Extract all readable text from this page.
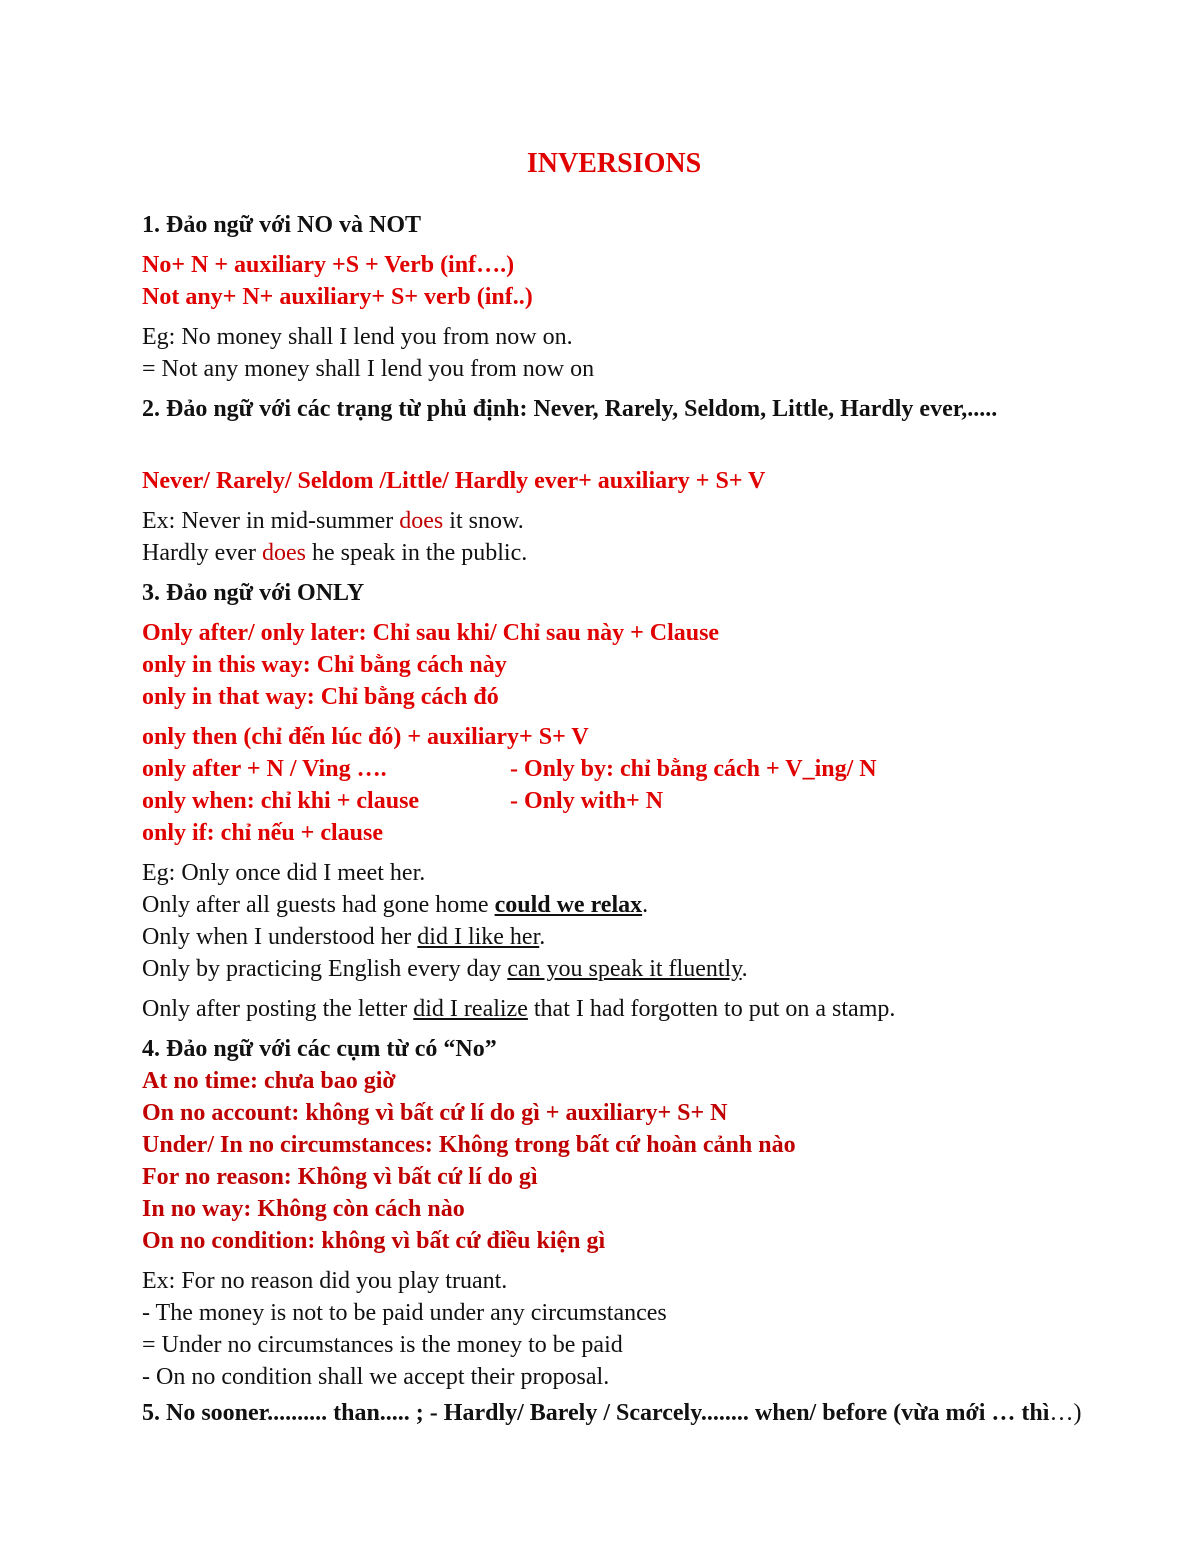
INVERSIONS
1. Đảo ngữ với NO và NOT
No+ N + auxiliary +S + Verb (inf….)
Not any+ N+ auxiliary+ S+ verb (inf..)
Eg: No money shall I lend you from now on.
= Not any money shall I lend you from now on
2. Đảo ngữ với các trạng từ phủ định: Never, Rarely, Seldom, Little, Hardly ever,.....
Never/ Rarely/ Seldom /Little/ Hardly ever+ auxiliary + S+ V
Ex: Never in mid-summer does it snow.
Hardly ever does he speak in the public.
3. Đảo ngữ với ONLY
Only after/ only later: Chỉ sau khi/ Chỉ sau này + Clause
only in this way: Chỉ bằng cách này
only in that way: Chỉ bằng cách đó
only then (chỉ đến lúc đó) + auxiliary+ S+ V
only after + N / Ving ….	- Only by: chỉ bằng cách + V_ing/ N
only when: chỉ khi + clause	- Only with+ N
only if: chỉ nếu + clause
Eg: Only once did I meet her.
Only after all guests had gone home could we relax.
Only when I understood her did I like her.
Only by practicing English every day can you speak it fluently.
Only after posting the letter did I realize that I had forgotten to put on a stamp.
4. Đảo ngữ với các cụm từ có “No”
At no time: chưa bao giờ
On no account: không vì bất cứ lí do gì + auxiliary+ S+ N
Under/ In no circumstances: Không trong bất cứ hoàn cảnh nào
For no reason: Không vì bất cứ lí do gì
In no way: Không còn cách nào
On no condition: không vì bất cứ điều kiện gì
Ex: For no reason did you play truant.
- The money is not to be paid under any circumstances
= Under no circumstances is the money to be paid
- On no condition shall we accept their proposal.
5. No sooner.......... than..... ; - Hardly/ Barely / Scarcely........ when/ before (vừa mới … thì…)
